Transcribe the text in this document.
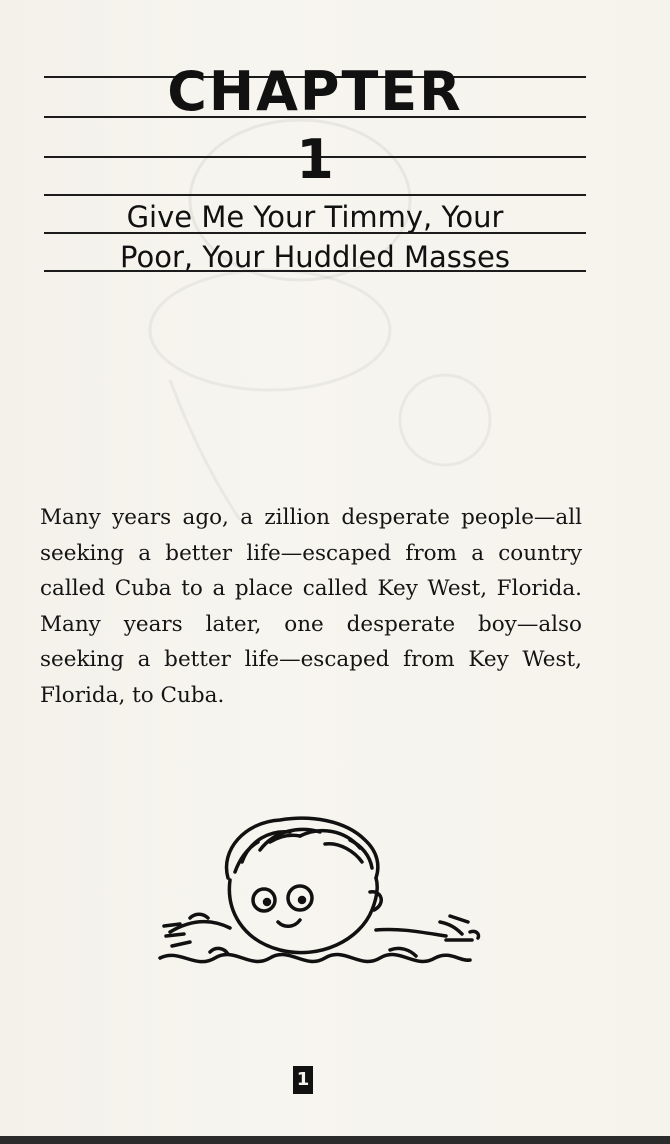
CHAPTER
1
Give Me Your Timmy, Your
Poor, Your Huddled Masses

Many years ago, a zillion desperate people—all seeking a better life—escaped from a country called Cuba to a place called Key West, Florida. Many years later, one desperate boy—also seeking a better life—escaped from Key West, Florida, to Cuba.

1
